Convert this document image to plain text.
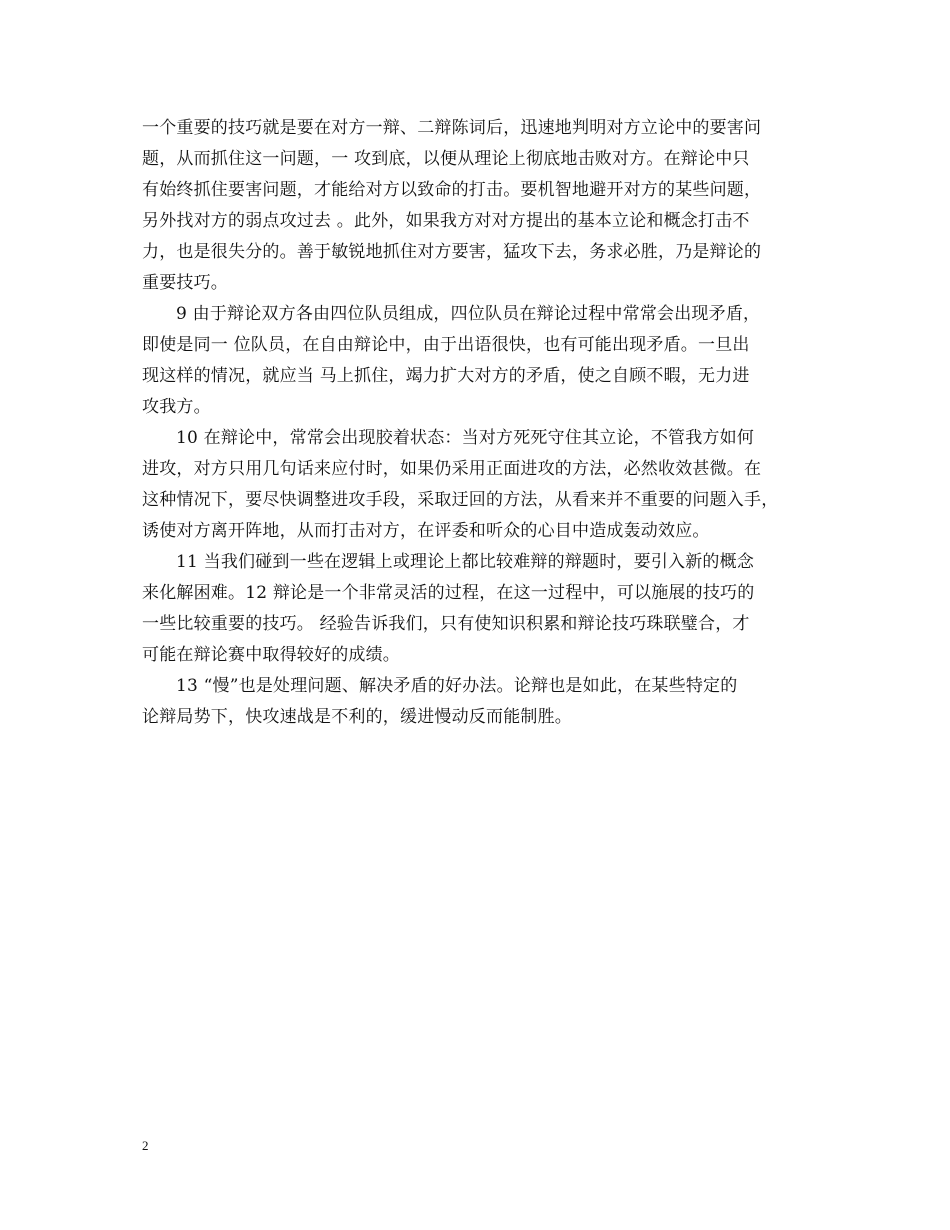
一个重要的技巧就是要在对方一辩、二辩陈词后，迅速地判明对方立论中的要害问
题，从而抓住这一问题，一 攻到底，以便从理论上彻底地击败对方。在辩论中只
有始终抓住要害问题，才能给对方以致命的打击。要机智地避开对方的某些问题，
另外找对方的弱点攻过去 。此外，如果我方对对方提出的基本立论和概念打击不
力，也是很失分的。善于敏锐地抓住对方要害，猛攻下去，务求必胜，乃是辩论的
重要技巧。
9 由于辩论双方各由四位队员组成，四位队员在辩论过程中常常会出现矛盾，
即使是同一 位队员，在自由辩论中，由于出语很快，也有可能出现矛盾。一旦出
现这样的情况，就应当 马上抓住，竭力扩大对方的矛盾，使之自顾不暇，无力进
攻我方。
10 在辩论中，常常会出现胶着状态：当对方死死守住其立论，不管我方如何
进攻，对方只用几句话来应付时，如果仍采用正面进攻的方法，必然收效甚微。在
这种情况下，要尽快调整进攻手段，采取迂回的方法，从看来并不重要的问题入手，
诱使对方离开阵地，从而打击对方，在评委和听众的心目中造成轰动效应。
11 当我们碰到一些在逻辑上或理论上都比较难辩的辩题时，要引入新的概念
来化解困难。12 辩论是一个非常灵活的过程，在这一过程中，可以施展的技巧的
一些比较重要的技巧。 经验告诉我们，只有使知识积累和辩论技巧珠联璧合，才
可能在辩论赛中取得较好的成绩。
13 “慢”也是处理问题、解决矛盾的好办法。论辩也是如此，在某些特定的
论辩局势下，快攻速战是不利的，缓进慢动反而能制胜。
2
